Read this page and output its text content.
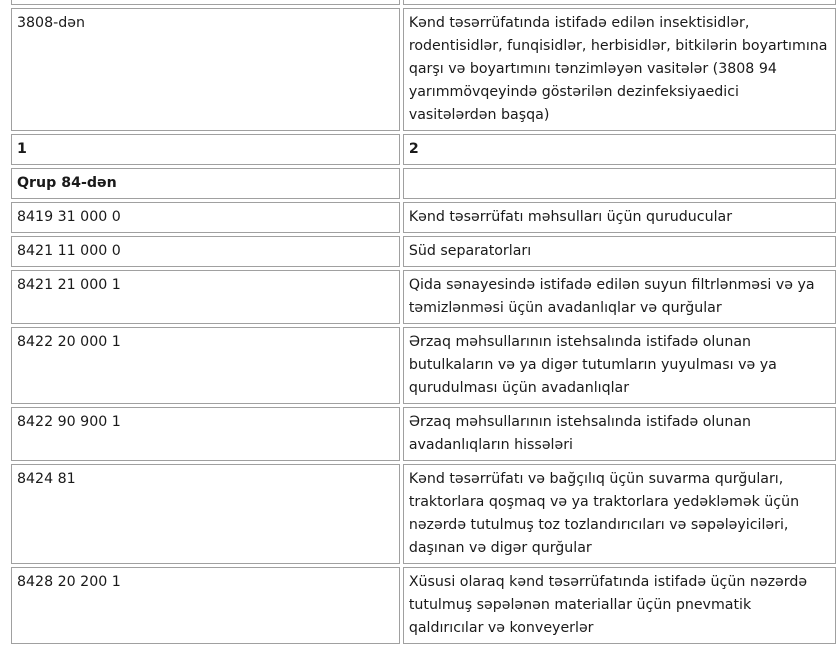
3808-dən	Kənd təsərrüfatında istifadə edilən insektisidlər, rodentisidlər, funqisidlər, herbisidlər, bitkilərin boyartımına qarşı və boyartımını tənzimləyən vasitələr (3808 94 yarımmövqeyində göstərilən dezinfeksiyaedici vasitələrdən başqa)
1	2
Qrup 84-dən	
8419 31 000 0	Kənd təsərrüfatı məhsulları üçün quruducular
8421 11 000 0	Süd separatorları
8421 21 000 1	Qida sənayesində istifadə edilən suyun filtrlənməsi və ya təmizlənməsi üçün avadanlıqlar və qurğular
8422 20 000 1	Ərzaq məhsullarının istehsalında istifadə olunan butulkaların və ya digər tutumların yuyulması və ya qurudulması üçün avadanlıqlar
8422 90 900 1	Ərzaq məhsullarının istehsalında istifadə olunan avadanlıqların hissələri
8424 81	Kənd təsərrüfatı və bağçılıq üçün suvarma qurğuları, traktorlara qoşmaq və ya traktorlara yedəkləmək üçün nəzərdə tutulmuş toz tozlandırıcıları və səpələyiciləri, daşınan və digər qurğular
8428 20 200 1	Xüsusi olaraq kənd təsərrüfatında istifadə üçün nəzərdə tutulmuş səpələnən materiallar üçün pnevmatik qaldırıcılar və konveyerlər
